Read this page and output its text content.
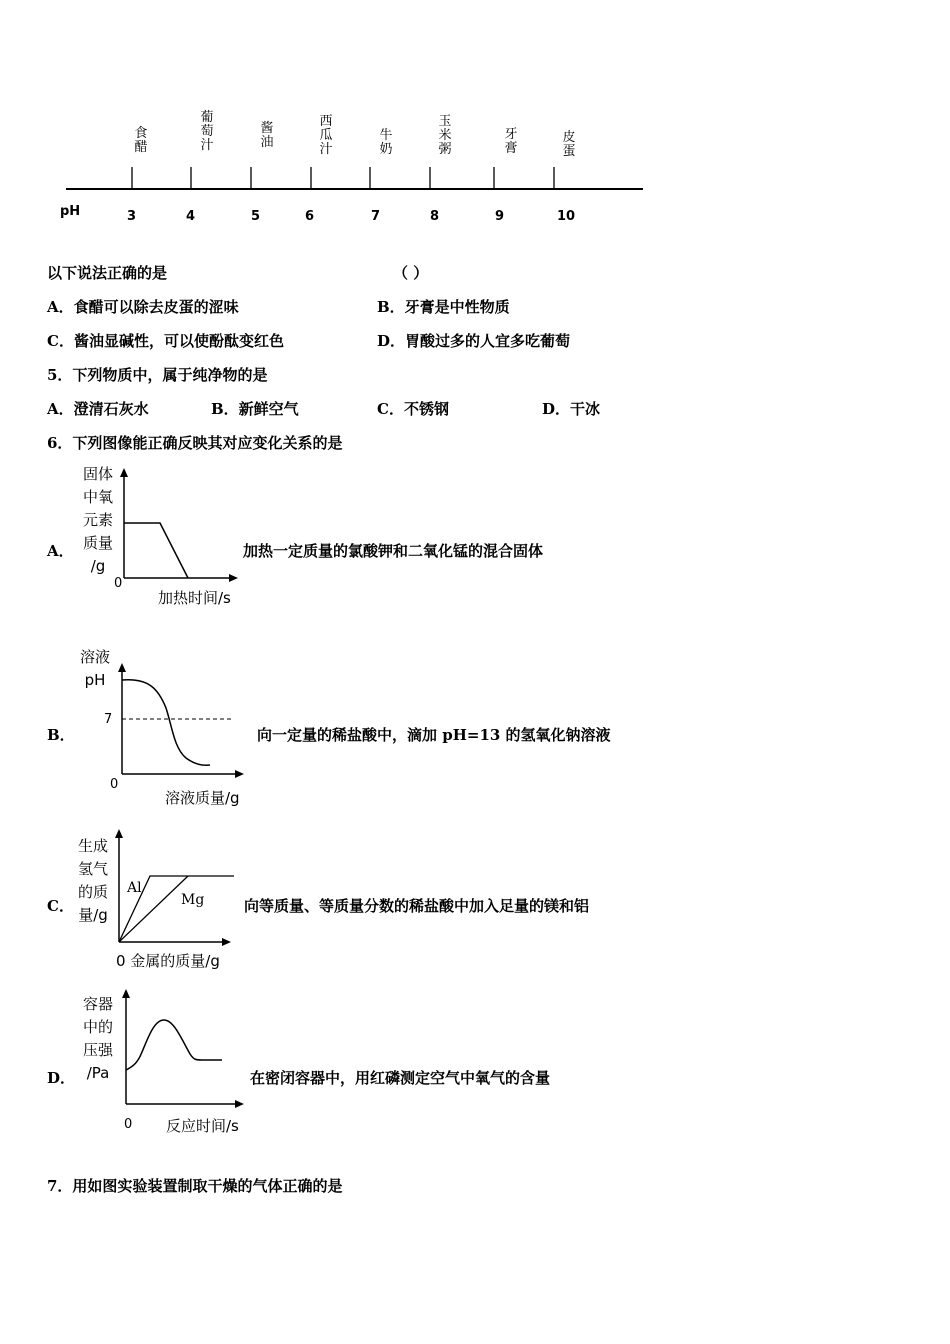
食
醋
葡
萄
汁
酱
油
西
瓜
汁
牛
奶
玉
米
粥
牙
膏
皮
蛋
pH	3	4	5	6	7	8	9	10
以下说法正确的是	（ ）
A．食醋可以除去皮蛋的涩味	B．牙膏是中性物质
C．酱油显碱性，可以使酚酞变红色	D．胃酸过多的人宜多吃葡萄
5．下列物质中，属于纯净物的是
A．澄清石灰水	B．新鲜空气	C．不锈钢	D．干冰
6．下列图像能正确反映其对应变化关系的是
A．
固体
中氧
元素
质量
/g
0
加热时间/s
加热一定质量的氯酸钾和二氧化锰的混合固体
B．
溶液
pH
7
0
溶液质量/g
向一定量的稀盐酸中，滴加 pH=13 的氢氧化钠溶液
C．
生成
氢气
的质
量/g
Al
Mg
0 金属的质量/g
向等质量、等质量分数的稀盐酸中加入足量的镁和铝
D．
容器
中的
压强
/Pa
0 反应时间/s
在密闭容器中，用红磷测定空气中氧气的含量
7．用如图实验装置制取干燥的气体正确的是
